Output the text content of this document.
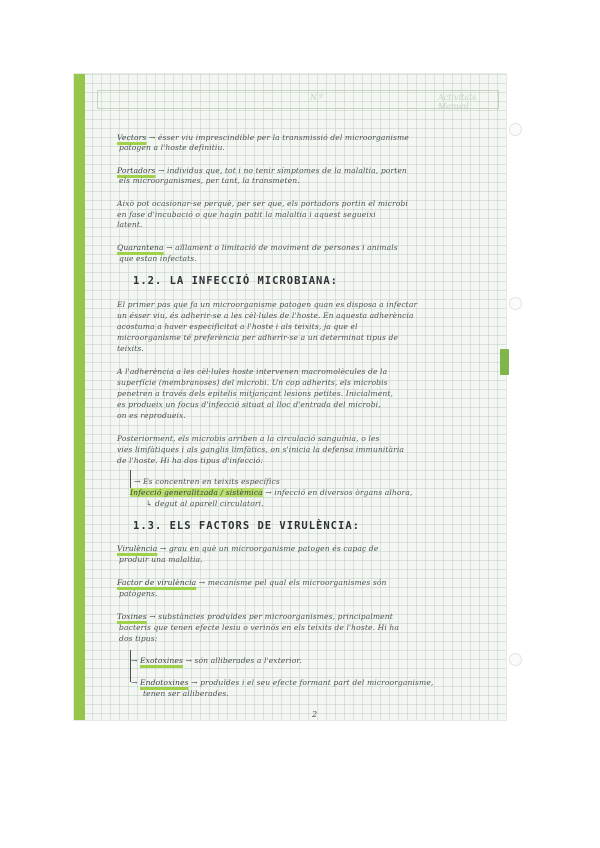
N.º	Activitats Manual
Vectors → ésser viu imprescindible per la transmissió del microorganisme
patogen a l'hoste definitiu.
Portadors → individus que, tot i no tenir símptomes de la malaltia, porten
els microorganismes, per tant, la transmeten.
Això pot ocasionar-se perquè, per ser que, els portadors portin el microbi
en fase d'incubació o que hagin patit la malaltia i aquest segueixi
latent.
Quarantena → aïllament o limitació de moviment de persones i animals
que estan infectats.
1.2. LA INFECCIÓ MICROBIANA:
El primer pas que fa un microorganisme patogen quan es disposa a infectar
un ésser viu, és adherir-se a les cèl·lules de l'hoste. En aquesta adherència
acostuma a haver especificitat a l'hoste i als teixits, ja que el
microorganisme té preferència per adherir-se a un determinat tipus de
teixits.
A l'adherència a les cèl·lules hoste intervenen macromolècules de la
superfície (membranoses) del microbi. Un cop adherits, els microbis
penetren a través dels epitelis mitjançant lesions petites. Inicialment,
es produeix un focus d'infecció situat al lloc d'entrada del microbi,
on es reprodueix.
Posteriorment, els microbis arriben a la circulació sanguínia, o les
vies limfàtiques i als ganglis limfàtics, on s'inicia la defensa immunitària
de l'hoste. Hi ha dos tipus d'infecció:
→ Es concentren en teixits específics
Infecció generalitzada / sistèmica → infecció en diversos òrgans alhora,
↳ degut al aparell circulatori.
1.3. ELS FACTORS DE VIRULÈNCIA:
Virulència → grau en què un microorganisme patogen és capaç de
produir una malaltia.
Factor de virulència → mecanisme pel qual els microorganismes són
patògens.
Toxines → substàncies produïdes per microorganismes, principalment
bacteris que tenen efecte lesiu o verinós en els teixits de l'hoste. Hi ha
dos tipus:
→ Exotoxines → són alliberades a l'exterior.
→ Endotoxines → produïdes i el seu efecte formant part del microorganisme,
tenen ser alliberades.
2
